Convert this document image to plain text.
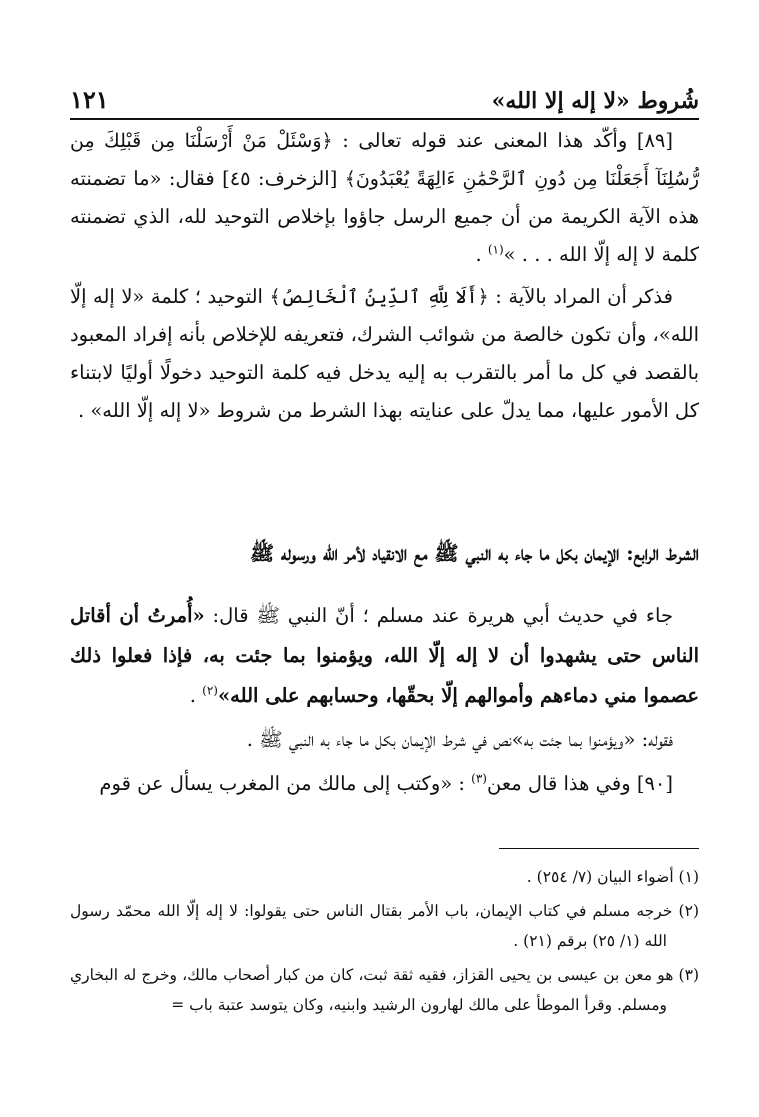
شُروط «لا إله إلا الله»
١٢١

[٨٩] وأكّد هذا المعنى عند قوله تعالى : ﴿وَسْئَلْ مَنْ أَرْسَلْنَا مِن قَبْلِكَ مِن رُّسُلِنَآ أَجَعَلْنَا مِن دُونِ ٱلرَّحْمَٰنِ ءَالِهَةً يُعْبَدُونَ﴾ [الزخرف: ٤٥] فقال: «ما تضمنته هذه الآية الكريمة من أن جميع الرسل جاؤوا بإخلاص التوحيد لله، الذي تضمنته كلمة لا إله إلّا الله . . . »$^{(١)}$ .

فذكر أن المراد بالآية : ﴿أَلَا لِلَّهِ ٱلدِّينُ ٱلْخَالِصُ﴾ التوحيد ؛ كلمة «لا إله إلّا الله»، وأن تكون خالصة من شوائب الشرك، فتعريفه للإخلاص بأنه إفراد المعبود بالقصد في كل ما أمر بالتقرب به إليه يدخل فيه كلمة التوحيد دخولًا أوليًا لابتناء كل الأمور عليها، مما يدلّ على عنايته بهذا الشرط من شروط «لا إله إلّا الله» .

الشرط الرابع: الإيمان بكل ما جاء به النبي ﷺ مع الانقياد لأمر الله ورسوله ﷺ

جاء في حديث أبي هريرة عند مسلم ؛ أنّ النبي ﷺ قال: «أُمرتُ أن أقاتل الناس حتى يشهدوا أن لا إله إلّا الله، ويؤمنوا بما جئت به، فإذا فعلوا ذلك عصموا مني دماءهم وأموالهم إلّا بحقّها، وحسابهم على الله»$^{(٢)}$ .

فقوله: «ويؤمنوا بما جئت به»نص في شرط الإيمان بكل ما جاء به النبي ﷺ .

[٩٠] وفي هذا قال معن$^{(٣)}$ : «وكتب إلى مالك من المغرب يسأل عن قوم

(١) أضواء البيان (٧/ ٢٥٤) .

(٢) خرجه مسلم في كتاب الإيمان، باب الأمر بقتال الناس حتى يقولوا: لا إله إلّا الله محمّد رسول الله (١/ ٢٥) برقم (٢١) .

(٣) هو معن بن عيسى بن يحيى القزاز، فقيه ثقة ثبت، كان من كبار أصحاب مالك، وخرج له البخاري ومسلم. وقرأ الموطأ على مالك لهارون الرشيد وابنيه، وكان يتوسد عتبة باب =
